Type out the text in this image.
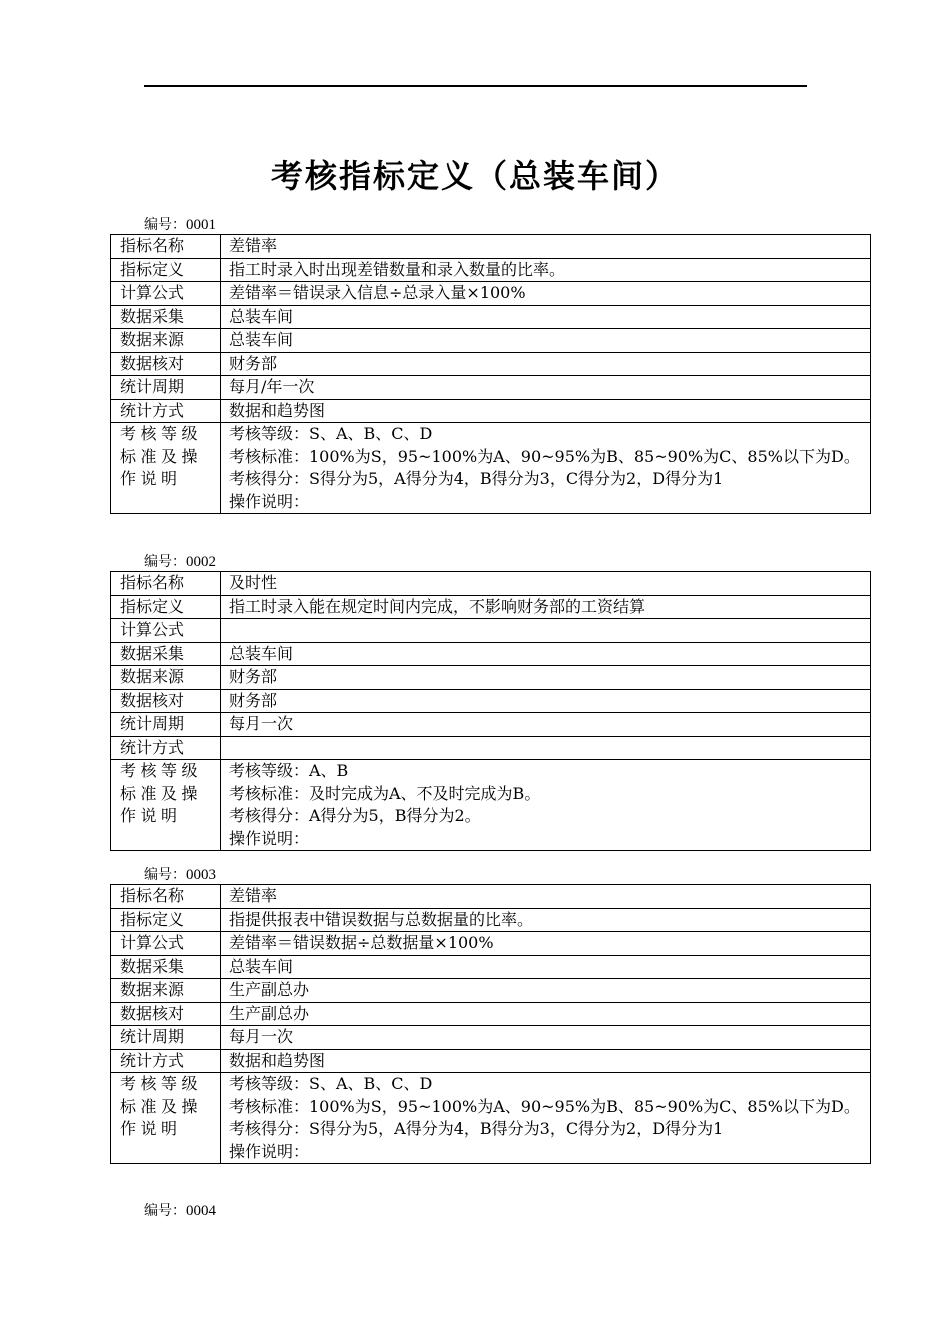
考核指标定义（总装车间）
编号：0001
指标名称	差错率
指标定义	指工时录入时出现差错数量和录入数量的比率。
计算公式	差错率＝错误录入信息÷总录入量×100%
数据采集	总装车间
数据来源	总装车间
数据核对	财务部
统计周期	每月/年一次
统计方式	数据和趋势图
考核等级标准及操作说明	考核等级：S、A、B、C、D
考核标准：100%为S，95~100%为A、90~95%为B、85~90%为C、85%以下为D。
考核得分：S得分为5，A得分为4，B得分为3，C得分为2，D得分为1
操作说明：
编号：0002
指标名称	及时性
指标定义	指工时录入能在规定时间内完成，不影响财务部的工资结算
计算公式	
数据采集	总装车间
数据来源	财务部
数据核对	财务部
统计周期	每月一次
统计方式	
考核等级标准及操作说明	考核等级：A、B
考核标准：及时完成为A、不及时完成为B。
考核得分：A得分为5，B得分为2。
操作说明：
编号：0003
指标名称	差错率
指标定义	指提供报表中错误数据与总数据量的比率。
计算公式	差错率＝错误数据÷总数据量×100%
数据采集	总装车间
数据来源	生产副总办
数据核对	生产副总办
统计周期	每月一次
统计方式	数据和趋势图
考核等级标准及操作说明	考核等级：S、A、B、C、D
考核标准：100%为S，95~100%为A、90~95%为B、85~90%为C、85%以下为D。
考核得分：S得分为5，A得分为4，B得分为3，C得分为2，D得分为1
操作说明：
编号：0004
